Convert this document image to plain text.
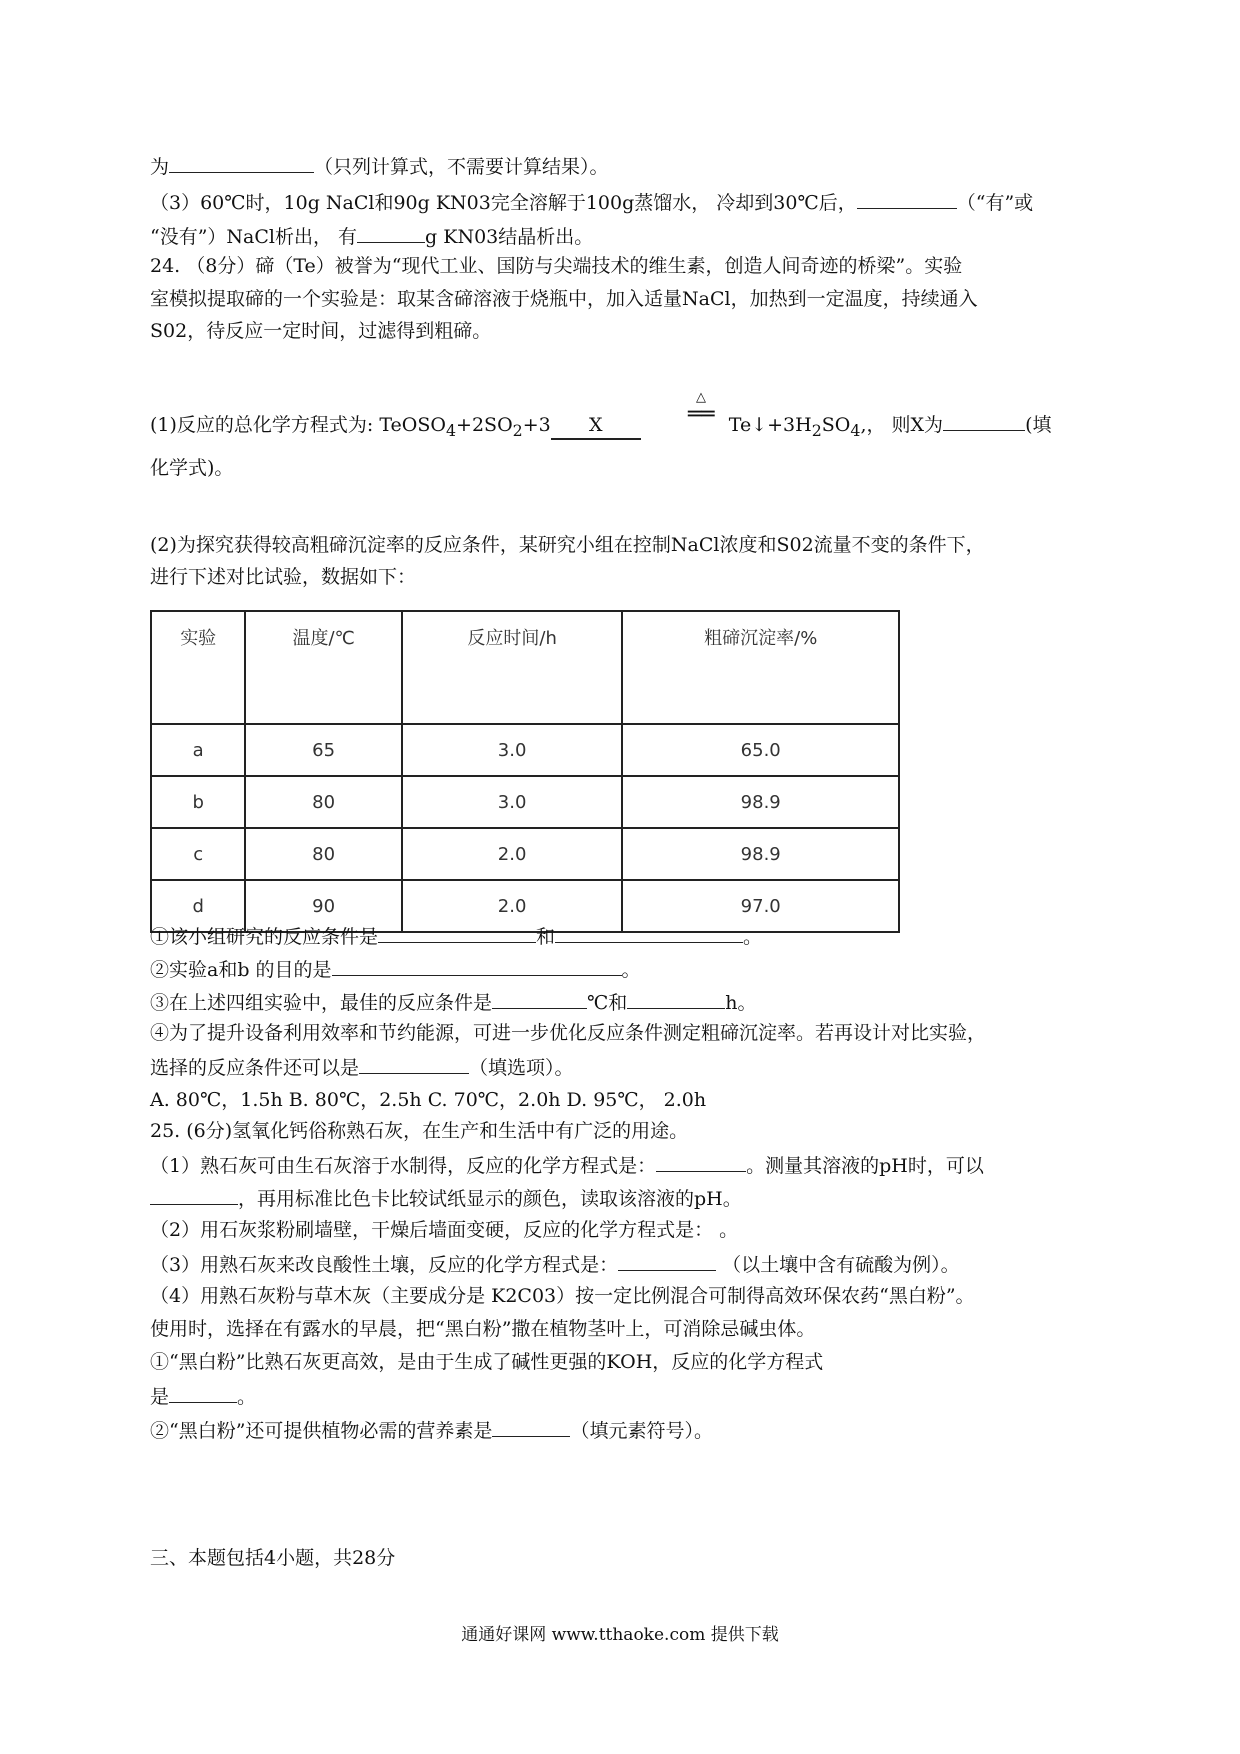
为	（只列计算式，不需要计算结果）。
（3）60℃时，10g NaCl和90g KN03完全溶解于100g蒸馏水， 冷却到30℃后，	（“有”或
“没有”）NaCl析出， 有	g KN03结晶析出。
24. （8分）碲（Te）被誉为“现代工业、国防与尖端技术的维生素，创造人间奇迹的桥梁”。实验
室模拟提取碲的一个实验是：取某含碲溶液于烧瓶中，加入适量NaCl，加热到一定温度，持续通入
S02，待反应一定时间，过滤得到粗碲。
(1)反应的总化学方程式为: $TeOSO_4+2SO_2+3$ X	$Te↓+3H_2SO_4$,， 则X为	(填
△
══
化学式)。
(2)为探究获得较高粗碲沉淀率的反应条件，某研究小组在控制NaCl浓度和S02流量不变的条件下，
进行下述对比试验，数据如下：
实验	温度/℃	反应时间/h	粗碲沉淀率/%
a	65	3.0	65.0
b	80	3.0	98.9
c	80	2.0	98.9
d	90	2.0	97.0
①该小组研究的反应条件是	和	。
②实验a和b 的目的是	。
③在上述四组实验中，最佳的反应条件是	℃和	h。
④为了提升设备利用效率和节约能源，可进一步优化反应条件测定粗碲沉淀率。若再设计对比实验，
选择的反应条件还可以是	（填选项）。
A. 80℃，1.5h B. 80℃，2.5h C. 70℃，2.0h D. 95℃， 2.0h
25. (6分)氢氧化钙俗称熟石灰，在生产和生活中有广泛的用途。
（1）熟石灰可由生石灰溶于水制得，反应的化学方程式是：	。测量其溶液的pH时，可以
，再用标准比色卡比较试纸显示的颜色，读取该溶液的pH。
（2）用石灰浆粉刷墙壁，干燥后墙面变硬，反应的化学方程式是： 。
（3）用熟石灰来改良酸性土壤，反应的化学方程式是：	（以土壤中含有硫酸为例）。
（4）用熟石灰粉与草木灰（主要成分是 K2C03）按一定比例混合可制得高效环保农药“黑白粉”。
使用时，选择在有露水的早晨，把“黑白粉”撒在植物茎叶上，可消除忌碱虫体。
①“黑白粉”比熟石灰更高效，是由于生成了碱性更强的KOH，反应的化学方程式
是	。
②“黑白粉”还可提供植物必需的营养素是	（填元素符号）。
三、本题包括4小题，共28分
通通好课网 www.tthaoke.com 提供下载
